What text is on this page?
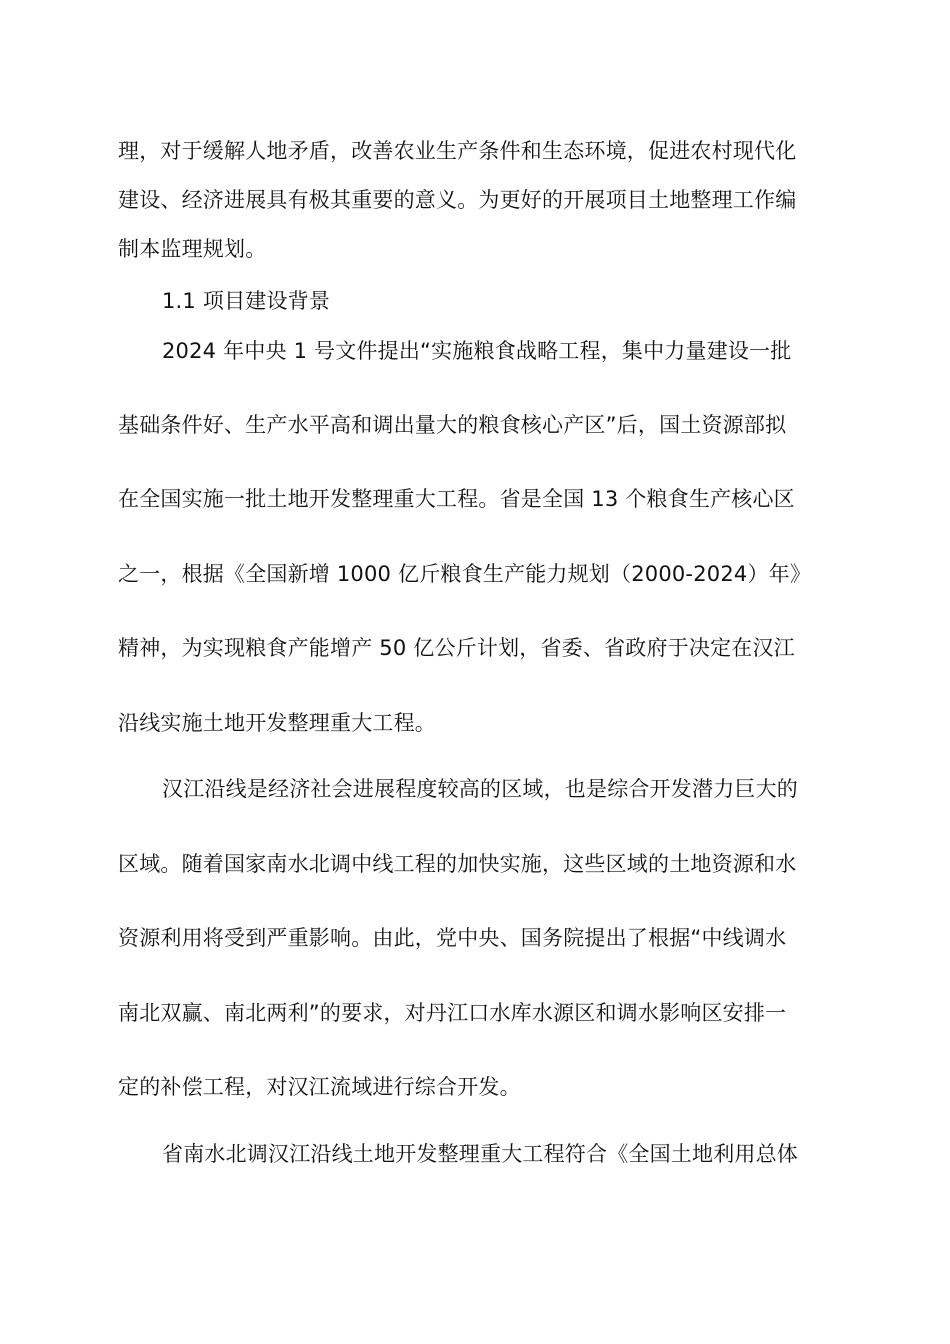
理，对于缓解人地矛盾，改善农业生产条件和生态环境，促进农村现代化
建设、经济进展具有极其重要的意义。为更好的开展项目土地整理工作编
制本监理规划。
1.1 项目建设背景
2024 年中央 1 号文件提出“实施粮食战略工程，集中力量建设一批
基础条件好、生产水平高和调出量大的粮食核心产区”后，国土资源部拟
在全国实施一批土地开发整理重大工程。省是全国 13 个粮食生产核心区
之一，根据《全国新增 1000 亿斤粮食生产能力规划（2000-2024）年》
精神，为实现粮食产能增产 50 亿公斤计划，省委、省政府于决定在汉江
沿线实施土地开发整理重大工程。
汉江沿线是经济社会进展程度较高的区域，也是综合开发潜力巨大的
区域。随着国家南水北调中线工程的加快实施，这些区域的土地资源和水
资源利用将受到严重影响。由此，党中央、国务院提出了根据“中线调水
南北双赢、南北两利”的要求，对丹江口水库水源区和调水影响区安排一
定的补偿工程，对汉江流域进行综合开发。
省南水北调汉江沿线土地开发整理重大工程符合《全国土地利用总体
